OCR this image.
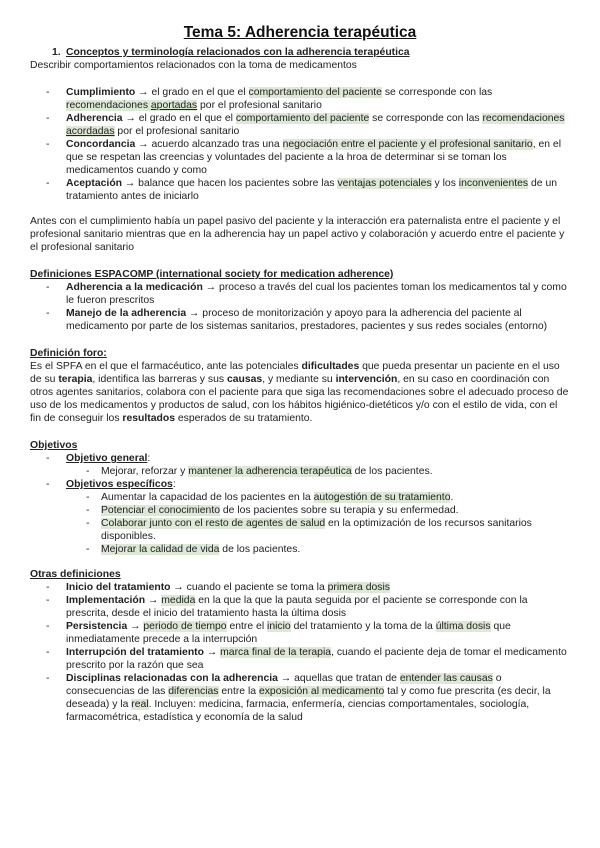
Tema 5: Adherencia terapéutica
1. Conceptos y terminología relacionados con la adherencia terapéutica

Describir comportamientos relacionados con la toma de medicamentos

- Cumplimiento → el grado en el que el comportamiento del paciente se corresponde con las recomendaciones aportadas por el profesional sanitario
- Adherencia → el grado en el que el comportamiento del paciente se corresponde con las recomendaciones acordadas por el profesional sanitario
- Concordancia → acuerdo alcanzado tras una negociación entre el paciente y el profesional sanitario, en el que se respetan las creencias y voluntades del paciente a la hroa de determinar si se toman los medicamentos cuando y como
- Aceptación → balance que hacen los pacientes sobre las ventajas potenciales y los inconvenientes de un tratamiento antes de iniciarlo

Antes con el cumplimiento había un papel pasivo del paciente y la interacción era paternalista entre el paciente y el profesional sanitario mientras que en la adherencia hay un papel activo y colaboración y acuerdo entre el paciente y el profesional sanitario

Definiciones ESPACOMP (international society for medication adherence)

- Adherencia a la medicación → proceso a través del cual los pacientes toman los medicamentos tal y como le fueron prescritos
- Manejo de la adherencia → proceso de monitorización y apoyo para la adherencia del paciente al medicamento por parte de los sistemas sanitarios, prestadores, pacientes y sus redes sociales (entorno)

Definición foro:

Es el SPFA en el que el farmacéutico, ante las potenciales dificultades que pueda presentar un paciente en el uso de su terapia, identifica las barreras y sus causas, y mediante su intervención, en su caso en coordinación con otros agentes sanitarios, colabora con el paciente para que siga las recomendaciones sobre el adecuado proceso de uso de los medicamentos y productos de salud, con los hábitos higiénico-dietéticos y/o con el estilo de vida, con el fin de conseguir los resultados esperados de su tratamiento.

Objetivos

- Objetivo general:
- Mejorar, reforzar y mantener la adherencia terapéutica de los pacientes.
- Objetivos específicos:
- Aumentar la capacidad de los pacientes en la autogestión de su tratamiento.
- Potenciar el conocimiento de los pacientes sobre su terapia y su enfermedad.
- Colaborar junto con el resto de agentes de salud en la optimización de los recursos sanitarios disponibles.
- Mejorar la calidad de vida de los pacientes.

Otras definiciones

- Inicio del tratamiento → cuando el paciente se toma la primera dosis
- Implementación → medida en la que la que la pauta seguida por el paciente se corresponde con la prescrita, desde el inicio del tratamiento hasta la última dosis
- Persistencia → periodo de tiempo entre el inicio del tratamiento y la toma de la última dosis que inmediatamente precede a la interrupción
- Interrupción del tratamiento → marca final de la terapia, cuando el paciente deja de tomar el medicamento prescrito por la razón que sea
- Disciplinas relacionadas con la adherencia → aquellas que tratan de entender las causas o consecuencias de las diferencias entre la exposición al medicamento tal y como fue prescrita (es decir, la deseada) y la real. Incluyen: medicina, farmacia, enfermería, ciencias comportamentales, sociología, farmacométrica, estadística y economía de la salud
